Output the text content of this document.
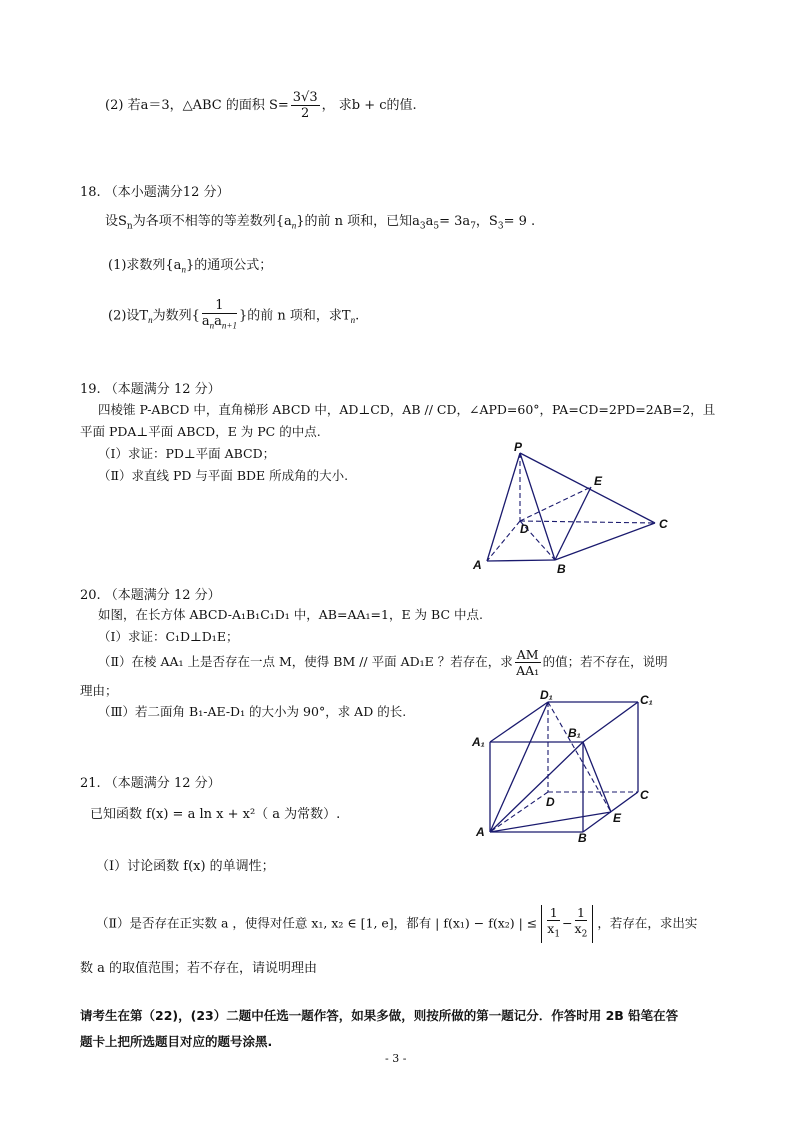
(2) 若a＝3，△ABC 的面积 $S= \frac{3√3}{2}$ ， 求b + c的值.
18. （本小题满分12 分）
设$S_n$为各项不相等的等差数列$\{a_n\}$的前 n 项和，已知$a_3a_5= 3a_7$，$S_3= 9$ .
(1)求数列$\{a_n\}$的通项公式；
(2)设$T_n$为数列{ $\frac{1}{a_na_{n+1}}$ }的前 n 项和，求$T_n$.
19. （本题满分 12 分）
四棱锥 P-ABCD 中，直角梯形 ABCD 中，AD⊥CD，AB // CD，∠APD=60°，PA=CD=2PD=2AB=2，且
平面 PDA⊥平面 ABCD，E 为 PC 的中点.
（Ⅰ）求证：PD⊥平面 ABCD；
（Ⅱ）求直线 PD 与平面 BDE 所成角的大小.
P
E
D	C
A	B
20. （本题满分 12 分）
如图，在长方体 ABCD-A₁B₁C₁D₁ 中，AB=AA₁=1，E 为 BC 中点.
（Ⅰ）求证：C₁D⊥D₁E；
（Ⅱ）在棱 AA₁ 上是否存在一点 M，使得 BM // 平面 AD₁E ？若存在，求 $\frac{AM}{\text{AA₁}}$ 的值；若不存在，说明
理由；
（Ⅲ）若二面角 B₁-AE-D₁ 的大小为 90°，求 AD 的长.
D₁	C₁
A₁
B₁
D	C
E
A	B
21. （本题满分 12 分）
已知函数 f(x) = a ln x + x²（ a 为常数）.
（Ⅰ）讨论函数 f(x) 的单调性；
（Ⅱ）是否存在正实数 a ，使得对任意 x₁, x₂ ∈ [1, e]，都有 | f(x₁) − f(x₂) | ≤ $\frac{1}{x_1} - \frac{1}{x_2}$ ，若存在，求出实
数 a 的取值范围；若不存在，请说明理由
请考生在第（22)，(23）二题中任选一题作答，如果多做，则按所做的第一题记分．作答时用 2B 铅笔在答
题卡上把所选题目对应的题号涂黑.
- 3 -
